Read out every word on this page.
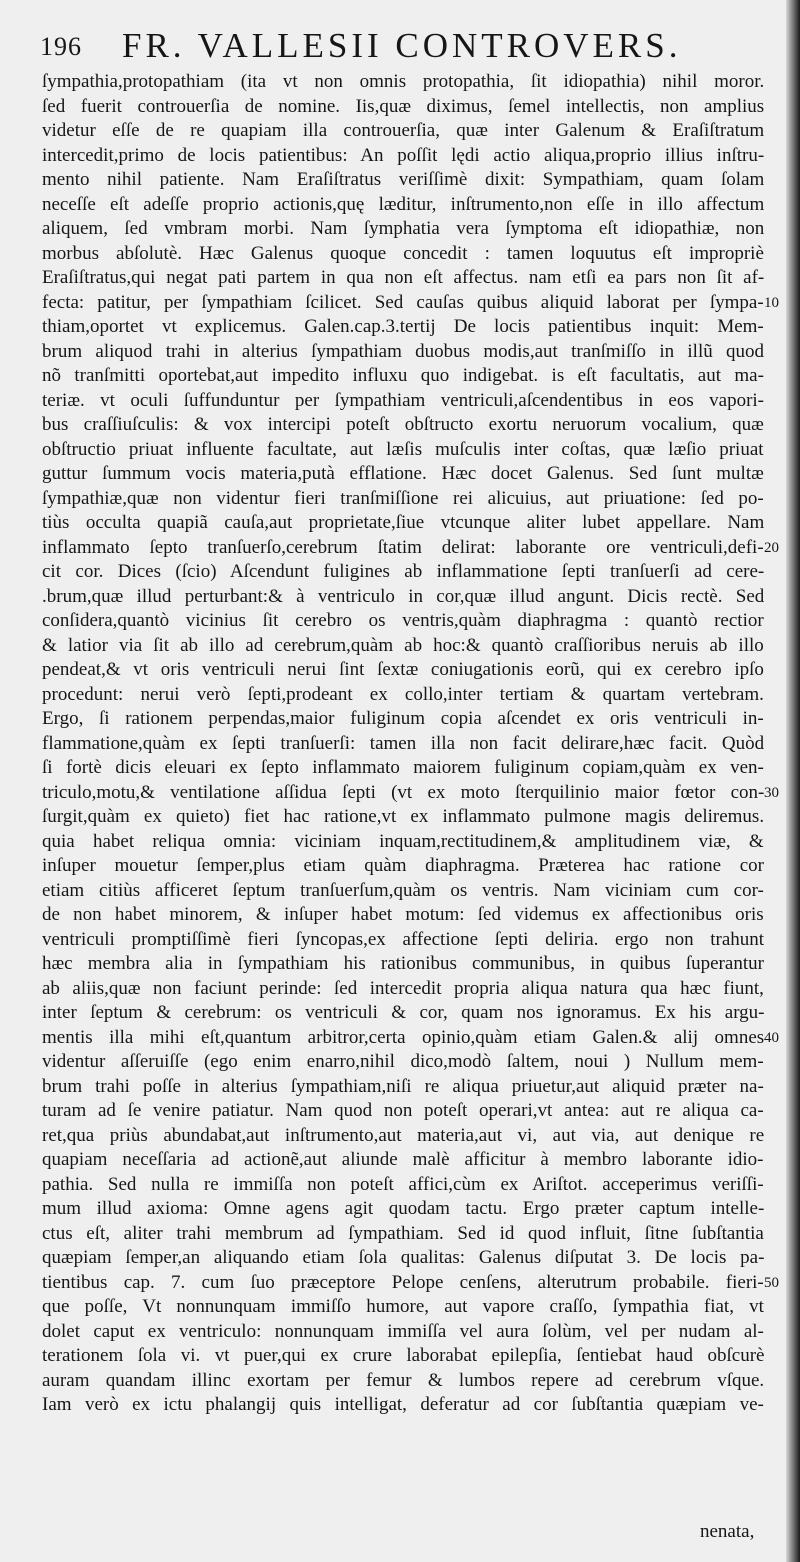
196 FR. VALLESII CONTROVERS.
ſympathia,protopathiam (ita vt non omnis protopathia, ſit idiopathia) nihil moror.
ſed fuerit controuerſia de nomine. Iis,quæ diximus, ſemel intellectis, non amplius
videtur eſſe de re quapiam illa controuerſia, quæ inter Galenum & Eraſiſtratum
intercedit,primo de locis patientibus: An poſſit lędi actio aliqua,proprio illius inſtru-
mento nihil patiente. Nam Eraſiſtratus veriſſimè dixit: Sympathiam, quam ſolam
neceſſe eſt adeſſe proprio actionis,quę læditur, inſtrumento,non eſſe in illo affectum
aliquem, ſed vmbram morbi. Nam ſymphatia vera ſymptoma eſt idiopathiæ, non
morbus abſolutè. Hæc Galenus quoque concedit : tamen loquutus eſt impropriè
Eraſiſtratus,qui negat pati partem in qua non eſt affectus. nam etſi ea pars non ſit af-
fecta: patitur, per ſympathiam ſcilicet. Sed cauſas quibus aliquid laborat per ſympa-
thiam,oportet vt explicemus. Galen.cap.3.tertij De locis patientibus inquit: Mem-
brum aliquod trahi in alterius ſympathiam duobus modis,aut tranſmiſſo in illũ quod
nõ tranſmitti oportebat,aut impedito influxu quo indigebat. is eſt facultatis, aut ma-
teriæ. vt oculi ſuffunduntur per ſympathiam ventriculi,aſcendentibus in eos vapori-
bus craſſiuſculis: & vox intercipi poteſt obſtructo exortu neruorum vocalium, quæ
obſtructio priuat influente facultate, aut læſis muſculis inter coſtas, quæ læſio priuat
guttur ſummum vocis materia,putà efflatione. Hæc docet Galenus. Sed ſunt multæ
ſympathiæ,quæ non videntur fieri tranſmiſſione rei alicuius, aut priuatione: ſed po-
tiùs occulta quapiã cauſa,aut proprietate,ſiue vtcunque aliter lubet appellare. Nam
inflammato ſepto tranſuerſo,cerebrum ſtatim delirat: laborante ore ventriculi,defi-
cit cor. Dices (ſcio) Aſcendunt fuligines ab inflammatione ſepti tranſuerſi ad cere-
.brum,quæ illud perturbant:& à ventriculo in cor,quæ illud angunt. Dicis rectè. Sed
conſidera,quantò vicinius ſit cerebro os ventris,quàm diaphragma : quantò rectior
& latior via ſit ab illo ad cerebrum,quàm ab hoc:& quantò craſſioribus neruis ab illo
pendeat,& vt oris ventriculi nerui ſint ſextæ coniugationis eorũ, qui ex cerebro ipſo
procedunt: nerui verò ſepti,prodeant ex collo,inter tertiam & quartam vertebram.
Ergo, ſi rationem perpendas,maior fuliginum copia aſcendet ex oris ventriculi in-
flammatione,quàm ex ſepti tranſuerſi: tamen illa non facit delirare,hæc facit. Quòd
ſi fortè dicis eleuari ex ſepto inflammato maiorem fuliginum copiam,quàm ex ven-
triculo,motu,& ventilatione aſſidua ſepti (vt ex moto ſterquilinio maior fœtor con-
ſurgit,quàm ex quieto) fiet hac ratione,vt ex inflammato pulmone magis deliremus.
quia habet reliqua omnia: viciniam inquam,rectitudinem,& amplitudinem viæ, &
inſuper mouetur ſemper,plus etiam quàm diaphragma. Præterea hac ratione cor
etiam citiùs afficeret ſeptum tranſuerſum,quàm os ventris. Nam viciniam cum cor-
de non habet minorem, & inſuper habet motum: ſed videmus ex affectionibus oris
ventriculi promptiſſimè fieri ſyncopas,ex affectione ſepti deliria. ergo non trahunt
hæc membra alia in ſympathiam his rationibus communibus, in quibus ſuperantur
ab aliis,quæ non faciunt perinde: ſed intercedit propria aliqua natura qua hæc fiunt,
inter ſeptum & cerebrum: os ventriculi & cor, quam nos ignoramus. Ex his argu-
mentis illa mihi eſt,quantum arbitror,certa opinio,quàm etiam Galen.& alij omnes
videntur aſſeruiſſe (ego enim enarro,nihil dico,modò ſaltem, noui ) Nullum mem-
brum trahi poſſe in alterius ſympathiam,niſi re aliqua priuetur,aut aliquid præter na-
turam ad ſe venire patiatur. Nam quod non poteſt operari,vt antea: aut re aliqua ca-
ret,qua priùs abundabat,aut inſtrumento,aut materia,aut vi, aut via, aut denique re
quapiam neceſſaria ad actionẽ,aut aliunde malè afficitur à membro laborante idio-
pathia. Sed nulla re immiſſa non poteſt affici,cùm ex Ariſtot. acceperimus veriſſi-
mum illud axioma: Omne agens agit quodam tactu. Ergo præter captum intelle-
ctus eſt, aliter trahi membrum ad ſympathiam. Sed id quod influit, ſitne ſubſtantia
quæpiam ſemper,an aliquando etiam ſola qualitas: Galenus diſputat 3. De locis pa-
tientibus cap. 7. cum ſuo præceptore Pelope cenſens, alterutrum probabile. fieri-
que poſſe, Vt nonnunquam immiſſo humore, aut vapore craſſo, ſympathia fiat, vt
dolet caput ex ventriculo: nonnunquam immiſſa vel aura ſolùm, vel per nudam al-
terationem ſola vi. vt puer,qui ex crure laborabat epilepſia, ſentiebat haud obſcurè
auram quandam illinc exortam per femur & lumbos repere ad cerebrum vſque.
Iam verò ex ictu phalangij quis intelligat, deferatur ad cor ſubſtantia quæpiam ve-
10
20
30
40
50
nenata,
